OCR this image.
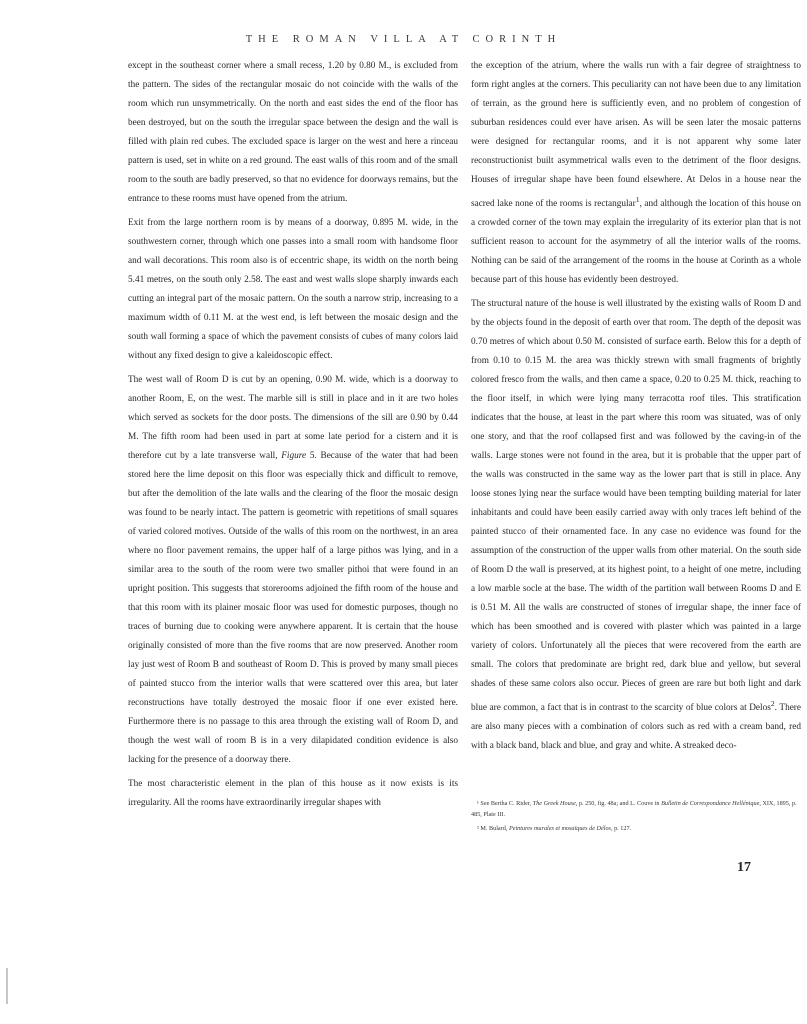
THE ROMAN VILLA AT CORINTH

except in the southeast corner where a small recess, 1.20 by 0.80 M., is excluded from the pattern. The sides of the rectangular mosaic do not coincide with the walls of the room which run unsymmetrically. On the north and east sides the end of the floor has been destroyed, but on the south the irregular space between the design and the wall is filled with plain red cubes. The excluded space is larger on the west and here a rinceau pattern is used, set in white on a red ground. The east walls of this room and of the small room to the south are badly preserved, so that no evidence for doorways remains, but the entrance to these rooms must have opened from the atrium.

Exit from the large northern room is by means of a doorway, 0.895 M. wide, in the southwestern corner, through which one passes into a small room with handsome floor and wall decorations. This room also is of eccentric shape, its width on the north being 5.41 metres, on the south only 2.58. The east and west walls slope sharply inwards each cutting an integral part of the mosaic pattern. On the south a narrow strip, increasing to a maximum width of 0.11 M. at the west end, is left between the mosaic design and the south wall forming a space of which the pavement consists of cubes of many colors laid without any fixed design to give a kaleidoscopic effect.

The west wall of Room D is cut by an opening, 0.90 M. wide, which is a doorway to another Room, E, on the west. The marble sill is still in place and in it are two holes which served as sockets for the door posts. The dimensions of the sill are 0.90 by 0.44 M. The fifth room had been used in part at some late period for a cistern and it is therefore cut by a late transverse wall, Figure 5. Because of the water that had been stored here the lime deposit on this floor was especially thick and difficult to remove, but after the demolition of the late walls and the clearing of the floor the mosaic design was found to be nearly intact. The pattern is geometric with repetitions of small squares of varied colored motives. Outside of the walls of this room on the northwest, in an area where no floor pavement remains, the upper half of a large pithos was lying, and in a similar area to the south of the room were two smaller pithoi that were found in an upright position. This suggests that storerooms adjoined the fifth room of the house and that this room with its plainer mosaic floor was used for domestic purposes, though no traces of burning due to cooking were anywhere apparent. It is certain that the house originally consisted of more than the five rooms that are now preserved. Another room lay just west of Room B and southeast of Room D. This is proved by many small pieces of painted stucco from the interior walls that were scattered over this area, but later reconstructions have totally destroyed the mosaic floor if one ever existed here. Furthermore there is no passage to this area through the existing wall of Room D, and though the west wall of room B is in a very dilapidated condition evidence is also lacking for the presence of a doorway there.

The most characteristic element in the plan of this house as it now exists is its irregularity. All the rooms have extraordinarily irregular shapes with

the exception of the atrium, where the walls run with a fair degree of straightness to form right angles at the corners. This peculiarity can not have been due to any limitation of terrain, as the ground here is sufficiently even, and no problem of congestion of suburban residences could ever have arisen. As will be seen later the mosaic patterns were designed for rectangular rooms, and it is not apparent why some later reconstructionist built asymmetrical walls even to the detriment of the floor designs. Houses of irregular shape have been found elsewhere. At Delos in a house near the sacred lake none of the rooms is rectangular$^1$, and although the location of this house on a crowded corner of the town may explain the irregularity of its exterior plan that is not sufficient reason to account for the asymmetry of all the interior walls of the rooms. Nothing can be said of the arrangement of the rooms in the house at Corinth as a whole because part of this house has evidently been destroyed.

The structural nature of the house is well illustrated by the existing walls of Room D and by the objects found in the deposit of earth over that room. The depth of the deposit was 0.70 metres of which about 0.50 M. consisted of surface earth. Below this for a depth of from 0.10 to 0.15 M. the area was thickly strewn with small fragments of brightly colored fresco from the walls, and then came a space, 0.20 to 0.25 M. thick, reaching to the floor itself, in which were lying many terracotta roof tiles. This stratification indicates that the house, at least in the part where this room was situated, was of only one story, and that the roof collapsed first and was followed by the caving-in of the walls. Large stones were not found in the area, but it is probable that the upper part of the walls was constructed in the same way as the lower part that is still in place. Any loose stones lying near the surface would have been tempting building material for later inhabitants and could have been easily carried away with only traces left behind of the painted stucco of their ornamented face. In any case no evidence was found for the assumption of the construction of the upper walls from other material. On the south side of Room D the wall is preserved, at its highest point, to a height of one metre, including a low marble socle at the base. The width of the partition wall between Rooms D and E is 0.51 M. All the walls are constructed of stones of irregular shape, the inner face of which has been smoothed and is covered with plaster which was painted in a large variety of colors. Unfortunately all the pieces that were recovered from the earth are small. The colors that predominate are bright red, dark blue and yellow, but several shades of these same colors also occur. Pieces of green are rare but both light and dark blue are common, a fact that is in contrast to the scarcity of blue colors at Delos$^2$. There are also many pieces with a combination of colors such as red with a cream band, red with a black band, black and blue, and gray and white. A streaked deco-

¹ See Bertha C. Rider, The Greek House, p. 250, fig. 48a; and L. Couve in Bulletin de Correspondance Hellénique, XIX, 1895, p. 485, Plate III.

² M. Bulard, Peintures murales et mosaïques de Délos, p. 127.

17
